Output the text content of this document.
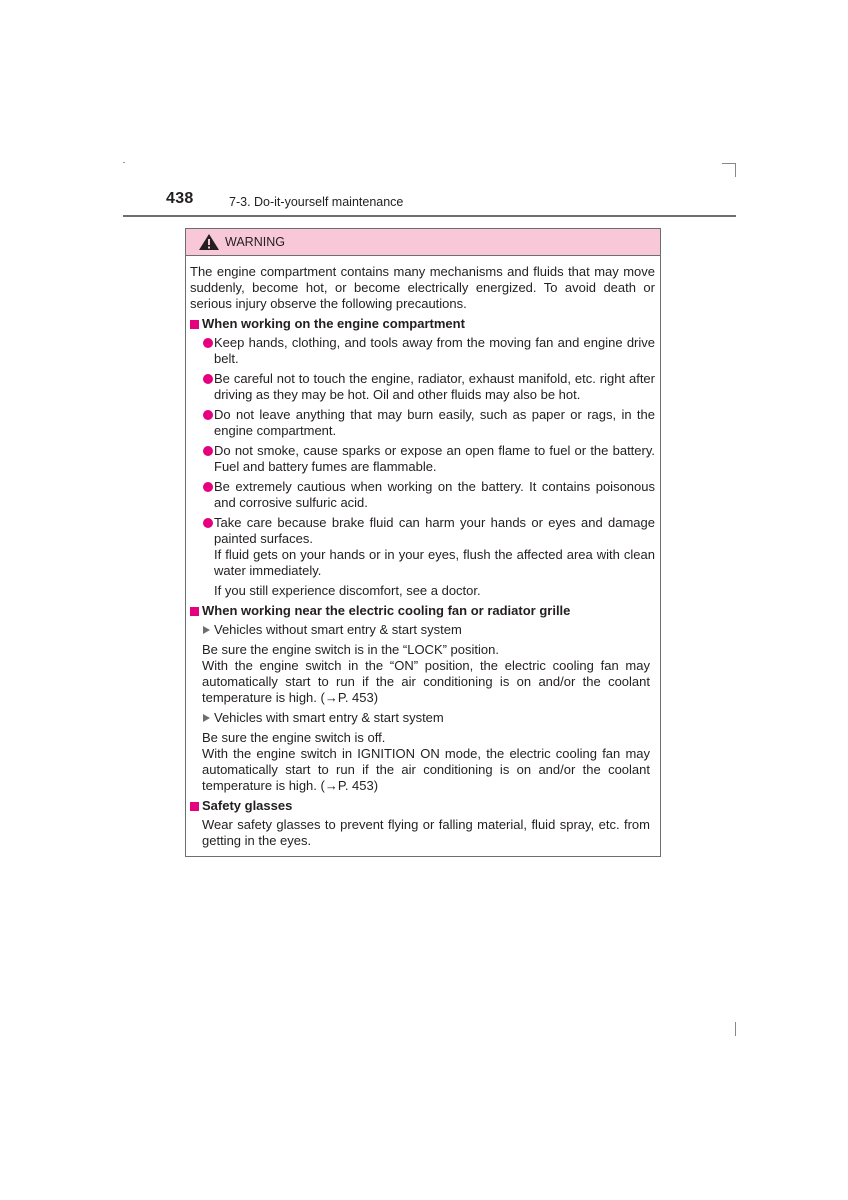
438	7-3. Do-it-yourself maintenance
WARNING

The engine compartment contains many mechanisms and fluids that may move suddenly, become hot, or become electrically energized. To avoid death or serious injury observe the following precautions.

When working on the engine compartment
Keep hands, clothing, and tools away from the moving fan and engine drive belt.
Be careful not to touch the engine, radiator, exhaust manifold, etc. right after driving as they may be hot. Oil and other fluids may also be hot.
Do not leave anything that may burn easily, such as paper or rags, in the engine compartment.
Do not smoke, cause sparks or expose an open flame to fuel or the battery. Fuel and battery fumes are flammable.
Be extremely cautious when working on the battery. It contains poisonous and corrosive sulfuric acid.
Take care because brake fluid can harm your hands or eyes and damage painted surfaces.

If fluid gets on your hands or in your eyes, flush the affected area with clean water immediately.

If you still experience discomfort, see a doctor.

When working near the electric cooling fan or radiator grille
Vehicles without smart entry & start system

Be sure the engine switch is in the “LOCK” position.

With the engine switch in the “ON” position, the electric cooling fan may automatically start to run if the air conditioning is on and/or the coolant temperature is high. (→P. 453)

Vehicles with smart entry & start system

Be sure the engine switch is off.

With the engine switch in IGNITION ON mode, the electric cooling fan may automatically start to run if the air conditioning is on and/or the coolant temperature is high. (→P. 453)

Safety glasses

Wear safety glasses to prevent flying or falling material, fluid spray, etc. from getting in the eyes.
